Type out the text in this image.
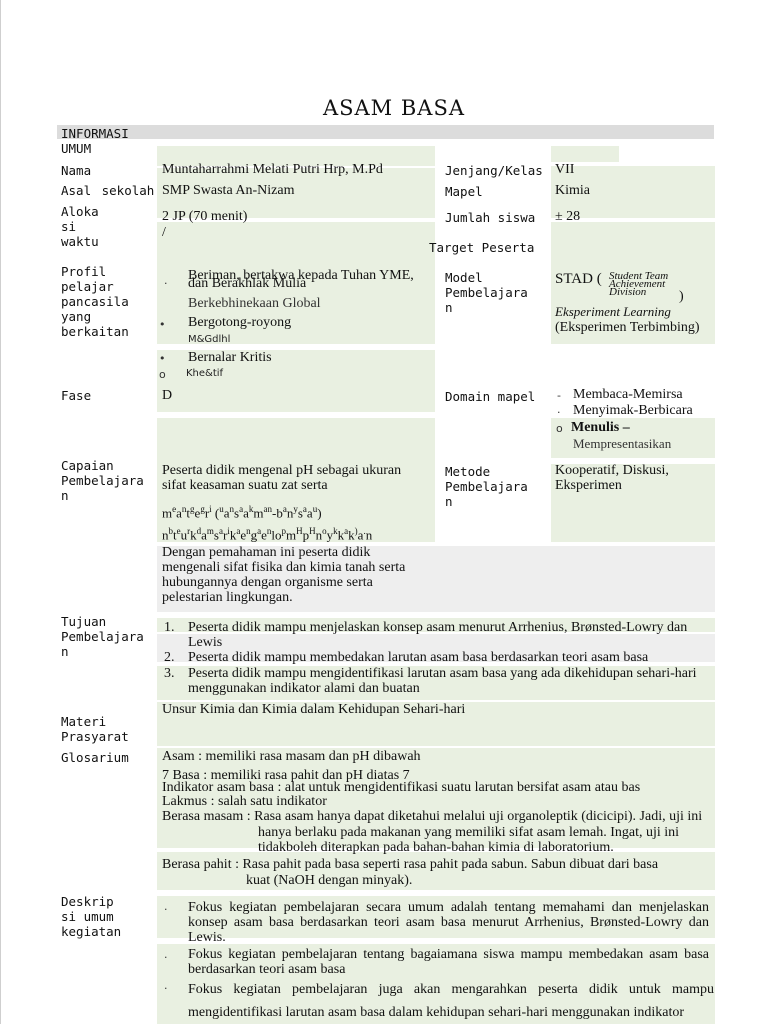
ASAM BASA
INFORMASI UMUM
Nama
Asal sekolah
Aloka si waktu
Profil pelajar pancasila yang berkaitan
Fase
Capaian Pembelajara n
Tujuan Pembelajara n
Materi Prasyarat
Glosarium
Deskrip si umum kegiatan
Jenjang/Kelas
Mapel
Jumlah siswa
Target Peserta
Model Pembelajara n
Domain mapel
Metode Pembelajara n
Muntaharrahmi Melati Putri Hrp, M.Pd
SMP Swasta An-Nizam
2 JP (70 menit)
/
VII
Kimia
± 28
D
·
Beriman, bertakwa kepada Tuhan YME, dan Berakhlak Mulia
Berkebhinekaan Global
• Bergotong-royong
M&Gdlhl
• Bernalar Kritis
o Khe&tif
STAD ( Student Team Achievement Division	)
Eksperiment Learning
(Eksperimen Terbimbing)
- Membaca-Memirsa
· Menyimak-Berbicara
o Menulis –
Mempresentasikan
Peserta didik mengenal pH sebagai ukuran
sifat keasaman suatu zat serta
$m^ea^nt^ge^gr^i$ $(^ua^ns^aa^km^{an}-b^an^ys^aa^u)$
$n^bt^eu^rk^da^ms^ar^ik^ae^ng^ae^nlo^pm^Hp^Hn^oy^kk^ak^)a^.n$
Dengan pemahaman ini peserta didik mengenali sifat fisika dan kimia tanah serta hubungannya dengan organisme serta pelestarian lingkungan.
Kooperatif, Diskusi,
Eksperimen
1. Peserta didik mampu menjelaskan konsep asam menurut Arrhenius, Brønsted-Lowry dan Lewis
2. Peserta didik mampu membedakan larutan asam basa berdasarkan teori asam basa
3. Peserta didik mampu mengidentifikasi larutan asam basa yang ada dikehidupan sehari-hari menggunakan indikator alami dan buatan
Unsur Kimia dan Kimia dalam Kehidupan Sehari-hari
Asam : memiliki rasa masam dan pH dibawah
7 Basa : memiliki rasa pahit dan pH diatas 7
Indikator asam basa : alat untuk mengidentifikasi suatu larutan bersifat asam atau bas
Lakmus : salah satu indikator
Berasa masam : Rasa asam hanya dapat diketahui melalui uji organoleptik (dicicipi). Jadi, uji ini
hanya berlaku pada makanan yang memiliki sifat asam lemah. Ingat, uji ini
tidakboleh diterapkan pada bahan-bahan kimia di laboratorium.
Berasa pahit : Rasa pahit pada basa seperti rasa pahit pada sabun. Sabun dibuat dari basa
kuat (NaOH dengan minyak).
· Fokus kegiatan pembelajaran secara umum adalah tentang memahami dan menjelaskan konsep asam basa berdasarkan teori asam basa menurut Arrhenius, Brønsted-Lowry dan Lewis.
· Fokus kegiatan pembelajaran tentang bagaiamana siswa mampu membedakan asam basa berdasarkan teori asam basa
· Fokus kegiatan pembelajaran juga akan mengarahkan peserta didik untuk mampu mengidentifikasi larutan asam basa dalam kehidupan sehari-hari menggunakan indikator
